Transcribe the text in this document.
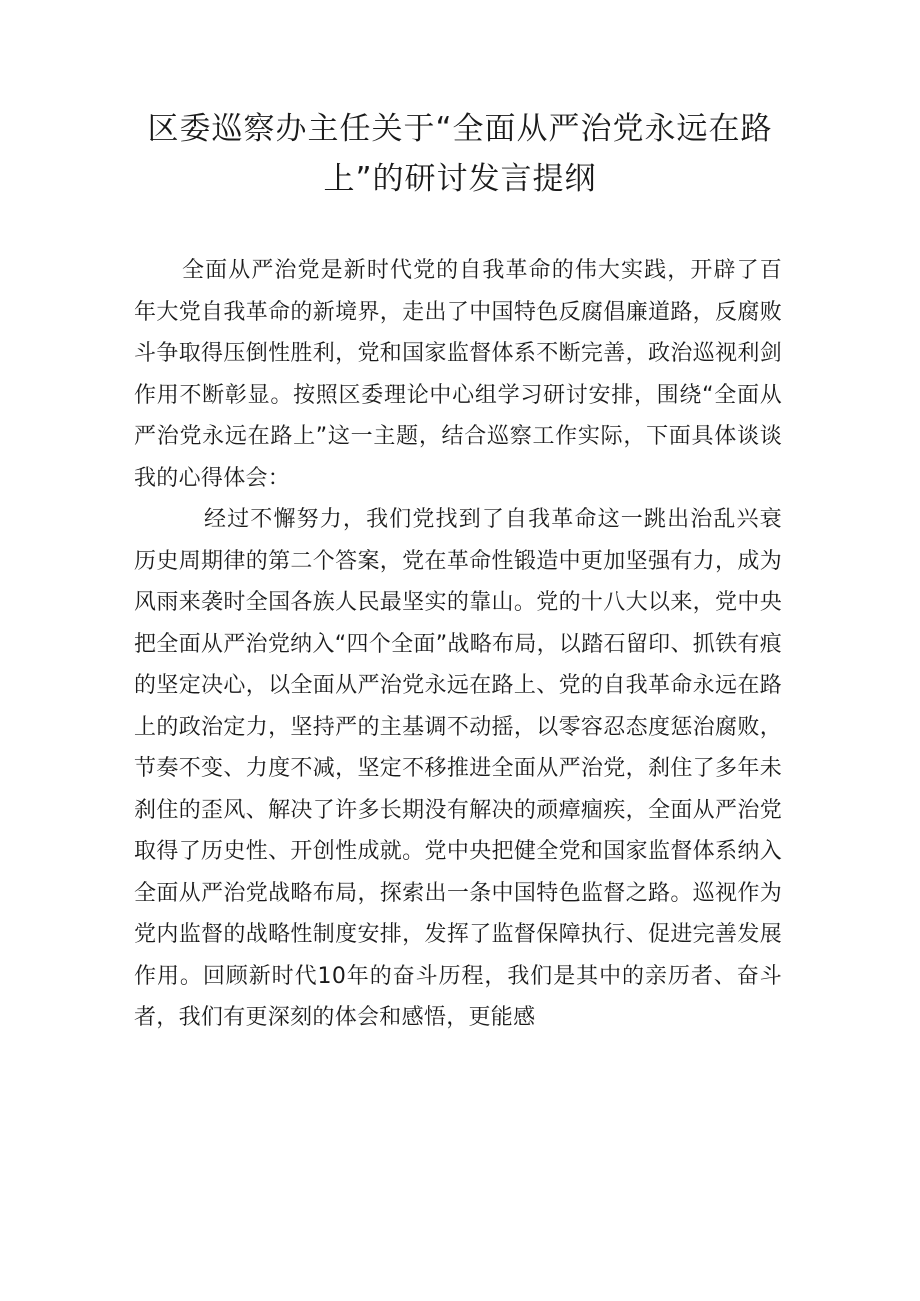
区委巡察办主任关于“全面从严治党永远在路
上”的研讨发言提纲

全面从严治党是新时代党的自我革命的伟大实践，开辟了百年大党自我革命的新境界，走出了中国特色反腐倡廉道路，反腐败斗争取得压倒性胜利，党和国家监督体系不断完善，政治巡视利剑作用不断彰显。按照区委理论中心组学习研讨安排，围绕“全面从严治党永远在路上”这一主题，结合巡察工作实际，下面具体谈谈我的心得体会：

经过不懈努力，我们党找到了自我革命这一跳出治乱兴衰历史周期律的第二个答案，党在革命性锻造中更加坚强有力，成为风雨来袭时全国各族人民最坚实的靠山。党的十八大以来，党中央把全面从严治党纳入“四个全面”战略布局，以踏石留印、抓铁有痕的坚定决心，以全面从严治党永远在路上、党的自我革命永远在路上的政治定力，坚持严的主基调不动摇，以零容忍态度惩治腐败，节奏不变、力度不减，坚定不移推进全面从严治党，刹住了多年未刹住的歪风、解决了许多长期没有解决的顽瘴痼疾，全面从严治党取得了历史性、开创性成就。党中央把健全党和国家监督体系纳入全面从严治党战略布局，探索出一条中国特色监督之路。巡视作为党内监督的战略性制度安排，发挥了监督保障执行、促进完善发展作用。回顾新时代10年的奋斗历程，我们是其中的亲历者、奋斗者，我们有更深刻的体会和感悟，更能感
